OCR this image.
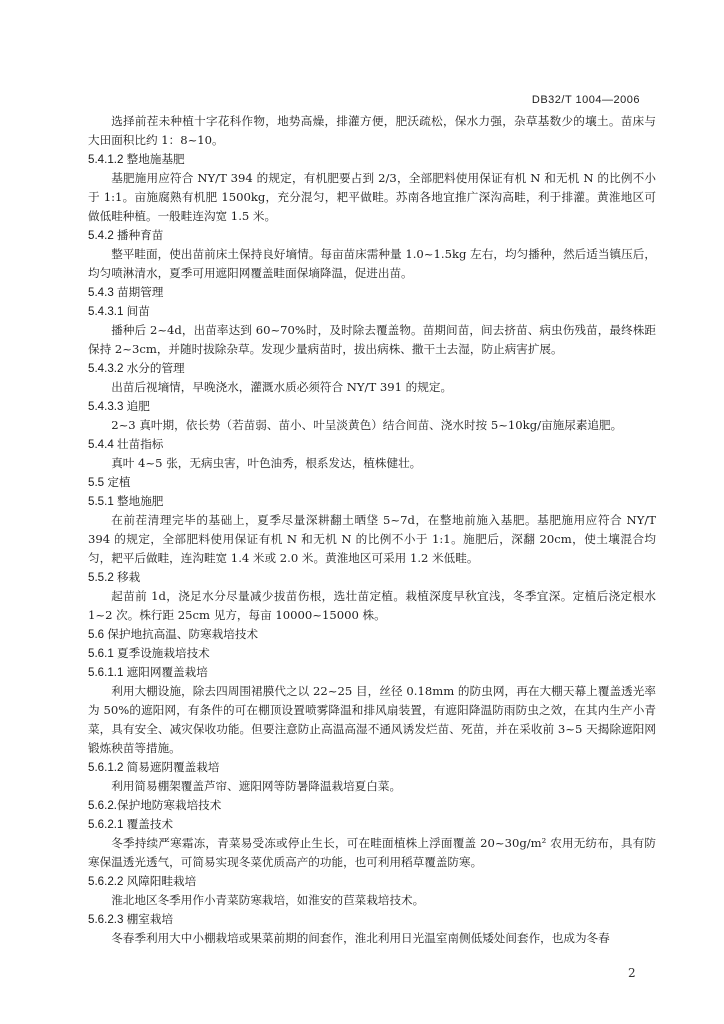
DB32/T 1004—2006

选择前茬未种植十字花科作物，地势高燥，排灌方便，肥沃疏松，保水力强，杂草基数少的壤土。苗床与大田面积比约 1：8~10。

5.4.1.2 整地施基肥

基肥施用应符合 NY/T 394 的规定，有机肥要占到 2/3，全部肥料使用保证有机 N 和无机 N 的比例不小于 1:1。亩施腐熟有机肥 1500kg，充分混匀，耙平做畦。苏南各地宜推广深沟高畦，利于排灌。黄淮地区可做低畦种植。一般畦连沟宽 1.5 米。

5.4.2 播种育苗

整平畦面，使出苗前床土保持良好墒情。每亩苗床需种量 1.0~1.5kg 左右，均匀播种，然后适当镇压后，均匀喷淋清水，夏季可用遮阳网覆盖畦面保墒降温，促进出苗。

5.4.3 苗期管理

5.4.3.1 间苗

播种后 2~4d，出苗率达到 60~70%时，及时除去覆盖物。苗期间苗，间去挤苗、病虫伤残苗，最终株距保持 2~3cm，并随时拔除杂草。发现少量病苗时，拔出病株、撒干土去湿，防止病害扩展。

5.4.3.2 水分的管理

出苗后视墒情，早晚浇水，灌溉水质必须符合 NY/T 391 的规定。

5.4.3.3 追肥

2~3 真叶期，依长势（若苗弱、苗小、叶呈淡黄色）结合间苗、浇水时按 5~10kg/亩施尿素追肥。

5.4.4 壮苗指标

真叶 4~5 张，无病虫害，叶色油秀，根系发达，植株健壮。

5.5 定植

5.5.1 整地施肥

在前茬清理完毕的基础上，夏季尽量深耕翻土晒垡 5~7d，在整地前施入基肥。基肥施用应符合 NY/T 394 的规定，全部肥料使用保证有机 N 和无机 N 的比例不小于 1:1。施肥后，深翻 20cm，使土壤混合均匀，耙平后做畦，连沟畦宽 1.4 米或 2.0 米。黄淮地区可采用 1.2 米低畦。

5.5.2 移栽

起苗前 1d，浇足水分尽量减少拔苗伤根，选壮苗定植。栽植深度早秋宜浅，冬季宜深。定植后浇定根水 1~2 次。株行距 25cm 见方，每亩 10000~15000 株。

5.6 保护地抗高温、防寒栽培技术

5.6.1 夏季设施栽培技术

5.6.1.1 遮阳网覆盖栽培

利用大棚设施，除去四周围裙膜代之以 22~25 目，丝径 0.18mm 的防虫网，再在大棚天幕上覆盖透光率为 50%的遮阳网，有条件的可在棚顶设置喷雾降温和排风扇装置，有遮阳降温防雨防虫之效，在其内生产小青菜，具有安全、减灾保收功能。但要注意防止高温高湿不通风诱发烂苗、死苗，并在采收前 3~5 天揭除遮阳网锻炼秧苗等措施。

5.6.1.2 简易遮阴覆盖栽培

利用简易棚架覆盖芦帘、遮阳网等防暑降温栽培夏白菜。

5.6.2.保护地防寒栽培技术

5.6.2.1 覆盖技术

冬季持续严寒霜冻，青菜易受冻或停止生长，可在畦面植株上浮面覆盖 20~30g/m² 农用无纺布，具有防寒保温透光透气，可简易实现冬菜优质高产的功能，也可利用稻草覆盖防寒。

5.6.2.2 风障阳畦栽培

淮北地区冬季用作小青菜防寒栽培，如淮安的苣菜栽培技术。

5.6.2.3 棚室栽培

冬春季利用大中小棚栽培或果菜前期的间套作，淮北利用日光温室南侧低矮处间套作，也成为冬春

2
